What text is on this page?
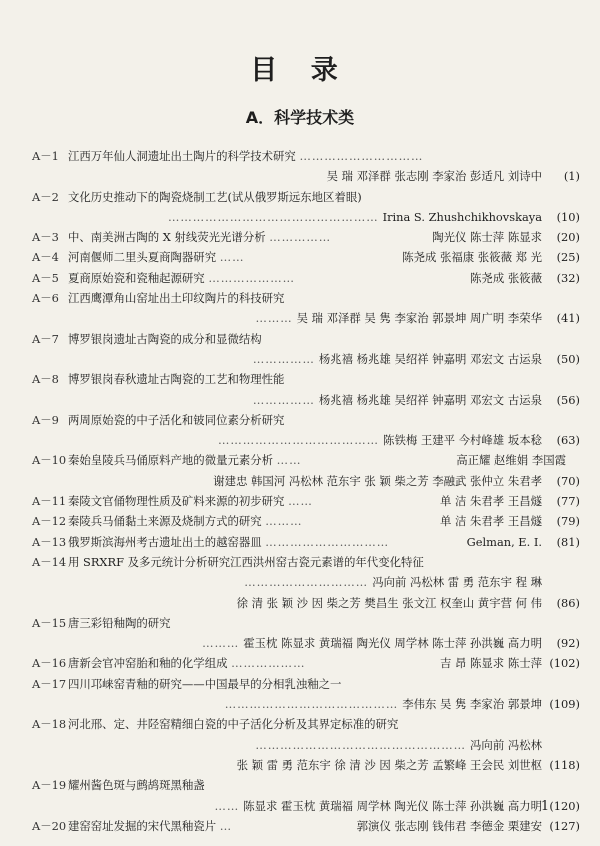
目 录
A．科学技术类
A－1 江西万年仙人洞遗址出土陶片的科学技术研究 …………………………
吴 瑞 邓泽群 张志刚 李家治 彭适凡 刘诗中 (1)
A－2 文化历史推动下的陶瓷烧制工艺(试从俄罗斯远东地区着眼)
…………………………………………… Irina S. Zhushchikhovskaya (10)
A－3 中、南美洲古陶的 X 射线荧光光谱分析 ……………	陶光仪 陈士萍 陈显求 (20)
A－4 河南偃师二里头夏商陶器研究 ……	陈尧成 张福康 张筱薇 郑 光 (25)
A－5 夏商原始瓷和瓷釉起源研究 …………………	陈尧成 张筱薇 (32)
A－6 江西鹰潭角山窑址出土印纹陶片的科技研究
……… 吴 瑞 邓泽群 吴 隽 李家治 郭景坤 周广明 李荣华 (41)
A－7 博罗银岗遗址古陶瓷的成分和显微结构
…………… 杨兆禧 杨兆雄 吴绍祥 钟嘉明 邓宏文 古运泉 (50)
A－8 博罗银岗春秋遗址古陶瓷的工艺和物理性能
…………… 杨兆禧 杨兆雄 吴绍祥 钟嘉明 邓宏文 古运泉 (56)
A－9 两周原始瓷的中子活化和铍同位素分析研究
………………………………… 陈铁梅 王建平 今村峰雄 坂本稔 (63)
A－10 秦始皇陵兵马俑原料产地的微量元素分析 ……	高正耀 赵维娟 李国霞
谢建忠 韩国河 冯松林 范东宇 张 颖 柴之芳 李融武 张仲立 朱君孝 (70)
A－11 秦陵文官俑物理性质及矿料来源的初步研究 ……	单 洁 朱君孝 王昌燧 (77)
A－12 秦陵兵马俑黏土来源及烧制方式的研究 ………	单 洁 朱君孝 王昌燧 (79)
A－13 俄罗斯滨海州考古遗址出土的越窑器皿 …………………………	Gelman, E. I. (81)
A－14 用 SRXRF 及多元统计分析研究江西洪州窑古瓷元素谱的年代变化特征
………………………… 冯向前 冯松林 雷 勇 范东宇 程 琳
徐 清 张 颖 沙 因 柴之芳 樊昌生 张文江 权奎山 黄宇营 何 伟 (86)
A－15 唐三彩铅釉陶的研究
……… 霍玉枕 陈显求 黄瑞福 陶光仪 周学林 陈士萍 孙洪巍 高力明 (92)
A－16 唐新会官冲窑胎和釉的化学组成 ………………	吉 昂 陈显求 陈士萍 (102)
A－17 四川邛崃窑青釉的研究——中国最早的分相乳浊釉之一
…………………………………… 李伟东 吴 隽 李家治 郭景坤 (109)
A－18 河北邢、定、井陉窑精细白瓷的中子活化分析及其界定标准的研究
…………………………………………… 冯向前 冯松林
张 颖 雷 勇 范东宇 徐 清 沙 因 柴之芳 孟繁峰 王会民 刘世枢 (118)
A－19 耀州酱色斑与鹧鸪斑黑釉盏
…… 陈显求 霍玉枕 黄瑞福 周学林 陶光仪 陈士萍 孙洪巍 高力明 (120)
A－20 建窑窑址发掘的宋代黑釉瓷片 …	郭演仪 张志刚 钱伟君 李德金 栗建安 (127)
1
